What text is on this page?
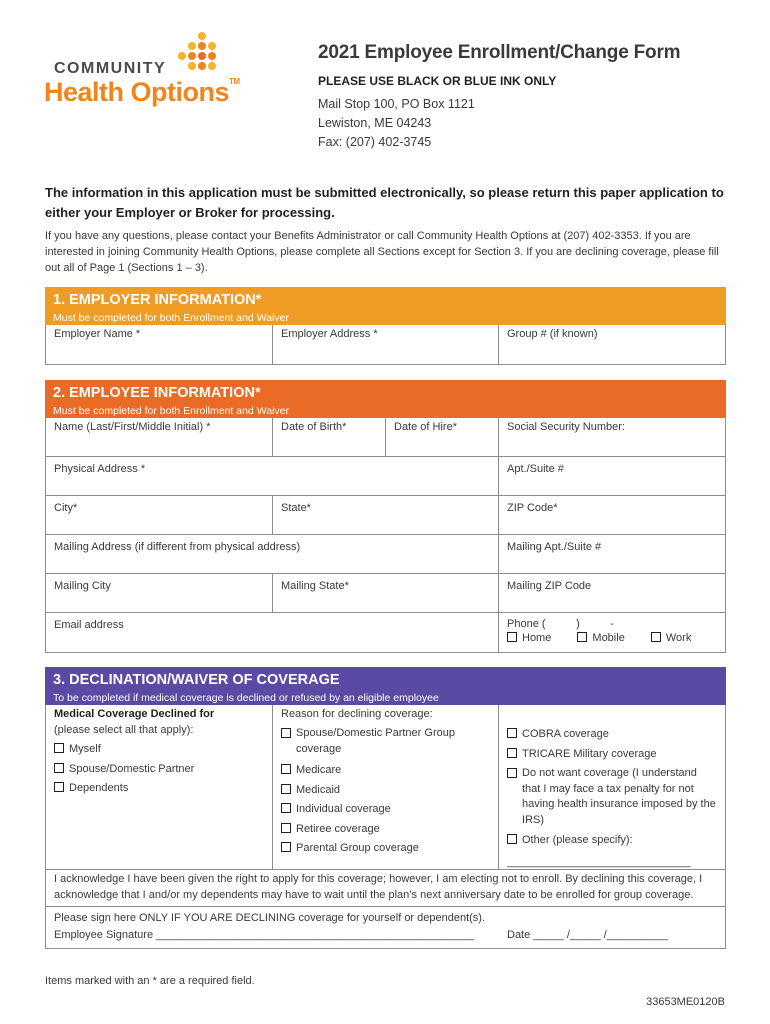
COMMUNITY
Health Options™
2021 Employee Enrollment/Change Form
PLEASE USE BLACK OR BLUE INK ONLY
Mail Stop 100, PO Box 1121
Lewiston, ME 04243
Fax: (207) 402-3745
The information in this application must be submitted electronically, so please return this paper application to either your Employer or Broker for processing.
If you have any questions, please contact your Benefits Administrator or call Community Health Options at (207) 402-3353. If you are interested in joining Community Health Options, please complete all Sections except for Section 3. If you are declining coverage, please fill out all of Page 1 (Sections 1 – 3).
1. EMPLOYER INFORMATION*
Must be completed for both Enrollment and Waiver
Employer Name *	Employer Address *	Group # (if known)
2. EMPLOYEE INFORMATION*
Must be completed for both Enrollment and Waiver
Name (Last/First/Middle Initial) *	Date of Birth*	Date of Hire*	Social Security Number:
Physical Address *	Apt./Suite #
City*	State*	ZIP Code*
Mailing Address (if different from physical address)	Mailing Apt./Suite #
Mailing City	Mailing State*	Mailing ZIP Code
Email address	Phone (          )          -
Home	Mobile	Work
3. DECLINATION/WAIVER OF COVERAGE
To be completed if medical coverage is declined or refused by an eligible employee
Medical Coverage Declined for
(please select all that apply):
Myself
Spouse/Domestic Partner
Dependents
Reason for declining coverage:
Spouse/Domestic Partner Group coverage
Medicare
Medicaid
Individual coverage
Retiree coverage
Parental Group coverage
COBRA coverage
TRICARE Military coverage
Do not want coverage (I understand that I may face a tax penalty for not having health insurance imposed by the IRS)
Other (please specify):
______________________________
I acknowledge I have been given the right to apply for this coverage; however, I am electing not to enroll. By declining this coverage, I acknowledge that I and/or my dependents may have to wait until the plan’s next anniversary date to be enrolled for group coverage.
Please sign here ONLY IF YOU ARE DECLINING coverage for yourself or dependent(s).
Employee Signature ____________________________________________________	Date _____ /_____ /__________
Items marked with an * are a required field.
33653ME0120B
